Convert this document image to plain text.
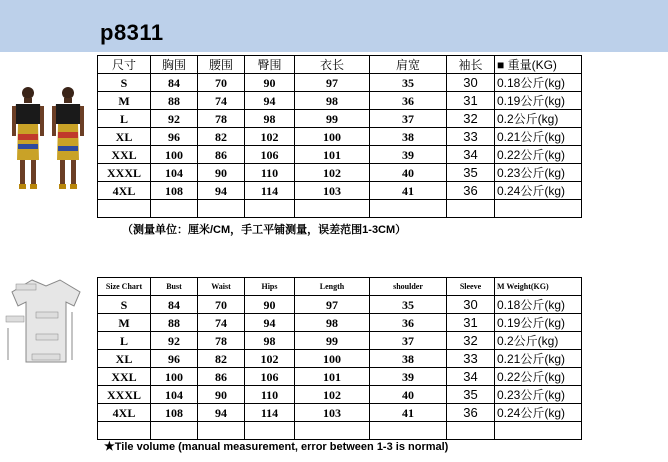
p8311
尺寸	胸围	腰围	臀围	衣长	肩宽	袖长	■ 重量(KG)
S	84	70	90	97	35	30	0.18公斤(kg)
M	88	74	94	98	36	31	0.19公斤(kg)
L	92	78	98	99	37	32	0.2公斤(kg)
XL	96	82	102	100	38	33	0.21公斤(kg)
XXL	100	86	106	101	39	34	0.22公斤(kg)
XXXL	104	90	110	102	40	35	0.23公斤(kg)
4XL	108	94	114	103	41	36	0.24公斤(kg)

（测量单位：厘米/CM，手工平铺测量，误差范围1-3CM）
Size Chart	Bust	Waist	Hips	Length	shoulder	Sleeve	M Weight(KG)
S	84	70	90	97	35	30	0.18公斤(kg)
M	88	74	94	98	36	31	0.19公斤(kg)
L	92	78	98	99	37	32	0.2公斤(kg)
XL	96	82	102	100	38	33	0.21公斤(kg)
XXL	100	86	106	101	39	34	0.22公斤(kg)
XXXL	104	90	110	102	40	35	0.23公斤(kg)
4XL	108	94	114	103	41	36	0.24公斤(kg)

★Tile volume (manual measurement, error between 1-3 is normal)
